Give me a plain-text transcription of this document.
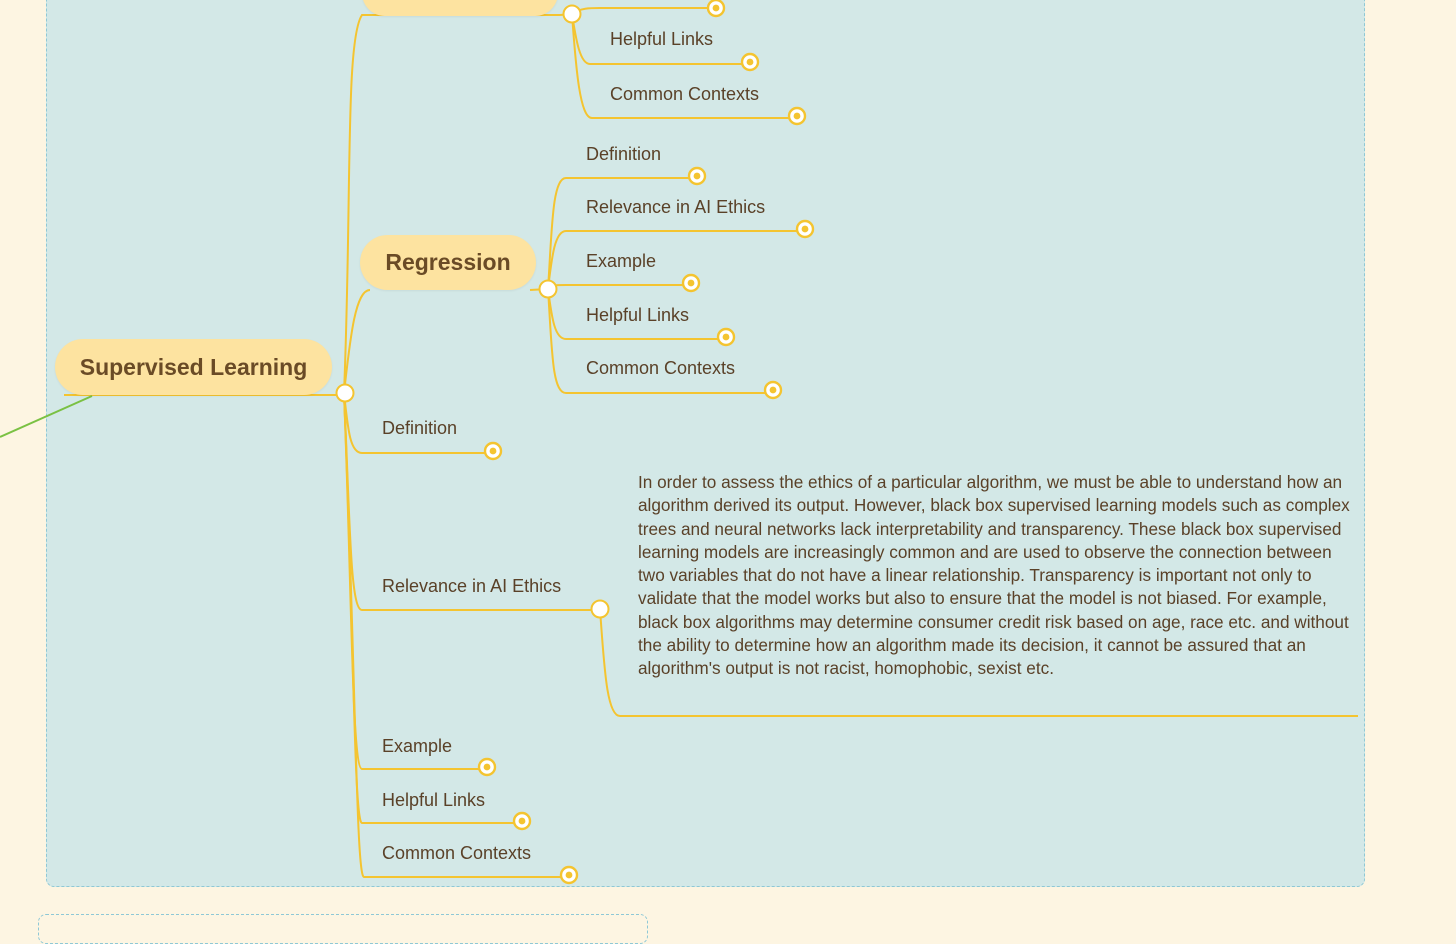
Regression
Supervised Learning
Helpful Links
Common Contexts
Definition
Relevance in AI Ethics
Example
Helpful Links
Common Contexts
Definition
Relevance in AI Ethics
Example
Helpful Links
Common Contexts
In order to assess the ethics of a particular algorithm, we must be able to understand how an algorithm derived its output. However, black box supervised learning models such as complex trees and neural networks lack interpretability and transparency. These black box supervised learning models are increasingly common and are used to observe the connection between two variables that do not have a linear relationship. Transparency is important not only to validate that the model works but also to ensure that the model is not biased. For example, black box algorithms may determine consumer credit risk based on age, race etc. and without the ability to determine how an algorithm made its decision, it cannot be assured that an algorithm's output is not racist, homophobic, sexist etc.
